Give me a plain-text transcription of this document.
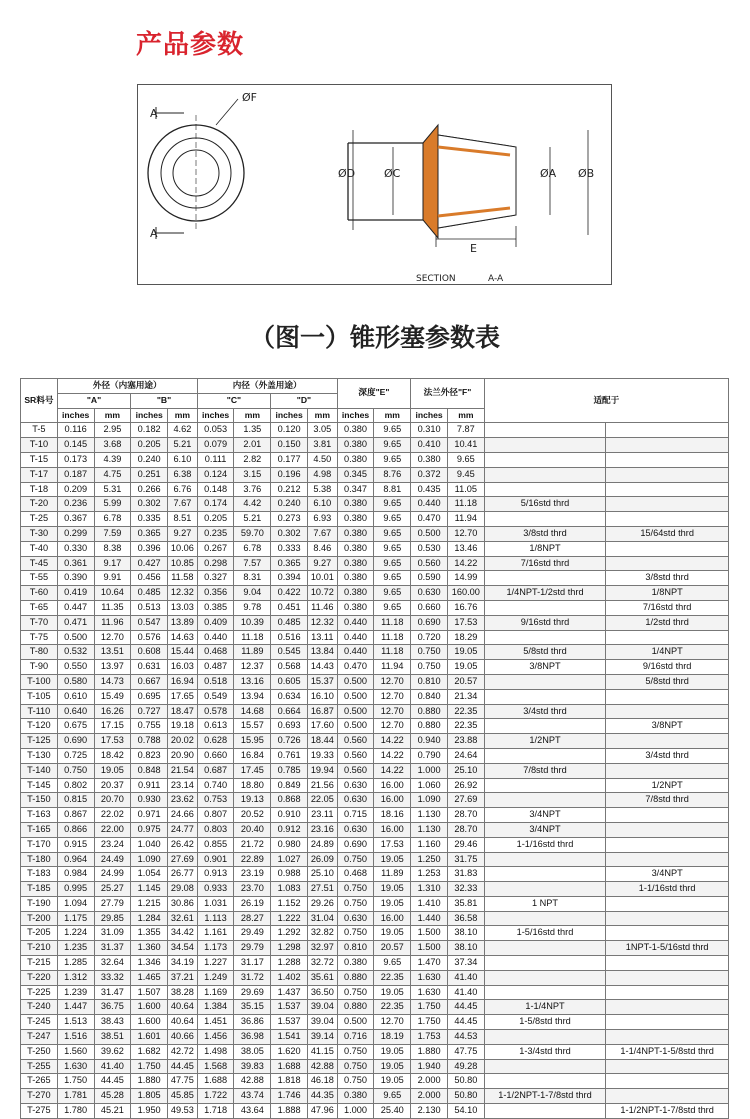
产品参数
A
A
ØF
ØD	ØC	ØA ØB
E
SECTION	A-A
（图一）锥形塞参数表
SR料号	外径（内塞用途）				内径（外盖用途）				深度"E"		法兰外径"F"		适配于	
	"A"		"B"		"C"		"D"							
	inches	mm	inches	mm	inches	mm	inches	mm	inches	mm	inches	mm		
T-5	0.116	2.95	0.182	4.62	0.053	1.35	0.120	3.05	0.380	9.65	0.310	7.87		
T-10	0.145	3.68	0.205	5.21	0.079	2.01	0.150	3.81	0.380	9.65	0.410	10.41		
T-15	0.173	4.39	0.240	6.10	0.111	2.82	0.177	4.50	0.380	9.65	0.380	9.65		
T-17	0.187	4.75	0.251	6.38	0.124	3.15	0.196	4.98	0.345	8.76	0.372	9.45		
T-18	0.209	5.31	0.266	6.76	0.148	3.76	0.212	5.38	0.347	8.81	0.435	11.05		
T-20	0.236	5.99	0.302	7.67	0.174	4.42	0.240	6.10	0.380	9.65	0.440	11.18	5/16std thrd	
T-25	0.367	6.78	0.335	8.51	0.205	5.21	0.273	6.93	0.380	9.65	0.470	11.94		
T-30	0.299	7.59	0.365	9.27	0.235	59.70	0.302	7.67	0.380	9.65	0.500	12.70	3/8std thrd	15/64std thrd
T-40	0.330	8.38	0.396	10.06	0.267	6.78	0.333	8.46	0.380	9.65	0.530	13.46	1/8NPT	
T-45	0.361	9.17	0.427	10.85	0.298	7.57	0.365	9.27	0.380	9.65	0.560	14.22	7/16std thrd	
T-55	0.390	9.91	0.456	11.58	0.327	8.31	0.394	10.01	0.380	9.65	0.590	14.99		3/8std thrd
T-60	0.419	10.64	0.485	12.32	0.356	9.04	0.422	10.72	0.380	9.65	0.630	160.00	1/4NPT-1/2std thrd	1/8NPT
T-65	0.447	11.35	0.513	13.03	0.385	9.78	0.451	11.46	0.380	9.65	0.660	16.76		7/16std thrd
T-70	0.471	11.96	0.547	13.89	0.409	10.39	0.485	12.32	0.440	11.18	0.690	17.53	9/16std thrd	1/2std thrd
T-75	0.500	12.70	0.576	14.63	0.440	11.18	0.516	13.11	0.440	11.18	0.720	18.29		
T-80	0.532	13.51	0.608	15.44	0.468	11.89	0.545	13.84	0.440	11.18	0.750	19.05	5/8std thrd	1/4NPT
T-90	0.550	13.97	0.631	16.03	0.487	12.37	0.568	14.43	0.470	11.94	0.750	19.05	3/8NPT	9/16std thrd
T-100	0.580	14.73	0.667	16.94	0.518	13.16	0.605	15.37	0.500	12.70	0.810	20.57		5/8std thrd
T-105	0.610	15.49	0.695	17.65	0.549	13.94	0.634	16.10	0.500	12.70	0.840	21.34		
T-110	0.640	16.26	0.727	18.47	0.578	14.68	0.664	16.87	0.500	12.70	0.880	22.35	3/4std thrd	
T-120	0.675	17.15	0.755	19.18	0.613	15.57	0.693	17.60	0.500	12.70	0.880	22.35		3/8NPT
T-125	0.690	17.53	0.788	20.02	0.628	15.95	0.726	18.44	0.560	14.22	0.940	23.88	1/2NPT	
T-130	0.725	18.42	0.823	20.90	0.660	16.84	0.761	19.33	0.560	14.22	0.790	24.64		3/4std thrd
T-140	0.750	19.05	0.848	21.54	0.687	17.45	0.785	19.94	0.560	14.22	1.000	25.10	7/8std thrd	
T-145	0.802	20.37	0.911	23.14	0.740	18.80	0.849	21.56	0.630	16.00	1.060	26.92		1/2NPT
T-150	0.815	20.70	0.930	23.62	0.753	19.13	0.868	22.05	0.630	16.00	1.090	27.69		7/8std thrd
T-163	0.867	22.02	0.971	24.66	0.807	20.52	0.910	23.11	0.715	18.16	1.130	28.70	3/4NPT	
T-165	0.866	22.00	0.975	24.77	0.803	20.40	0.912	23.16	0.630	16.00	1.130	28.70	3/4NPT	
T-170	0.915	23.24	1.040	26.42	0.855	21.72	0.980	24.89	0.690	17.53	1.160	29.46	1-1/16std thrd	
T-180	0.964	24.49	1.090	27.69	0.901	22.89	1.027	26.09	0.750	19.05	1.250	31.75		
T-183	0.984	24.99	1.054	26.77	0.913	23.19	0.988	25.10	0.468	11.89	1.253	31.83		3/4NPT
T-185	0.995	25.27	1.145	29.08	0.933	23.70	1.083	27.51	0.750	19.05	1.310	32.33		1-1/16std thrd
T-190	1.094	27.79	1.215	30.86	1.031	26.19	1.152	29.26	0.750	19.05	1.410	35.81	1 NPT	
T-200	1.175	29.85	1.284	32.61	1.113	28.27	1.222	31.04	0.630	16.00	1.440	36.58		
T-205	1.224	31.09	1.355	34.42	1.161	29.49	1.292	32.82	0.750	19.05	1.500	38.10	1-5/16std thrd	
T-210	1.235	31.37	1.360	34.54	1.173	29.79	1.298	32.97	0.810	20.57	1.500	38.10		1NPT-1-5/16std thrd
T-215	1.285	32.64	1.346	34.19	1.227	31.17	1.288	32.72	0.380	9.65	1.470	37.34		
T-220	1.312	33.32	1.465	37.21	1.249	31.72	1.402	35.61	0.880	22.35	1.630	41.40		
T-225	1.239	31.47	1.507	38.28	1.169	29.69	1.437	36.50	0.750	19.05	1.630	41.40		
T-240	1.447	36.75	1.600	40.64	1.384	35.15	1.537	39.04	0.880	22.35	1.750	44.45	1-1/4NPT	
T-245	1.513	38.43	1.600	40.64	1.451	36.86	1.537	39.04	0.500	12.70	1.750	44.45	1-5/8std thrd	
T-247	1.516	38.51	1.601	40.66	1.456	36.98	1.541	39.14	0.716	18.19	1.753	44.53		
T-250	1.560	39.62	1.682	42.72	1.498	38.05	1.620	41.15	0.750	19.05	1.880	47.75	1-3/4std thrd	1-1/4NPT-1-5/8std thrd
T-255	1.630	41.40	1.750	44.45	1.568	39.83	1.688	42.88	0.750	19.05	1.940	49.28		
T-265	1.750	44.45	1.880	47.75	1.688	42.88	1.818	46.18	0.750	19.05	2.000	50.80		
T-270	1.781	45.28	1.805	45.85	1.722	43.74	1.746	44.35	0.380	9.65	2.000	50.80	1-1/2NPT-1-7/8std thrd	
T-275	1.780	45.21	1.950	49.53	1.718	43.64	1.888	47.96	1.000	25.40	2.130	54.10		1-1/2NPT-1-7/8std thrd
